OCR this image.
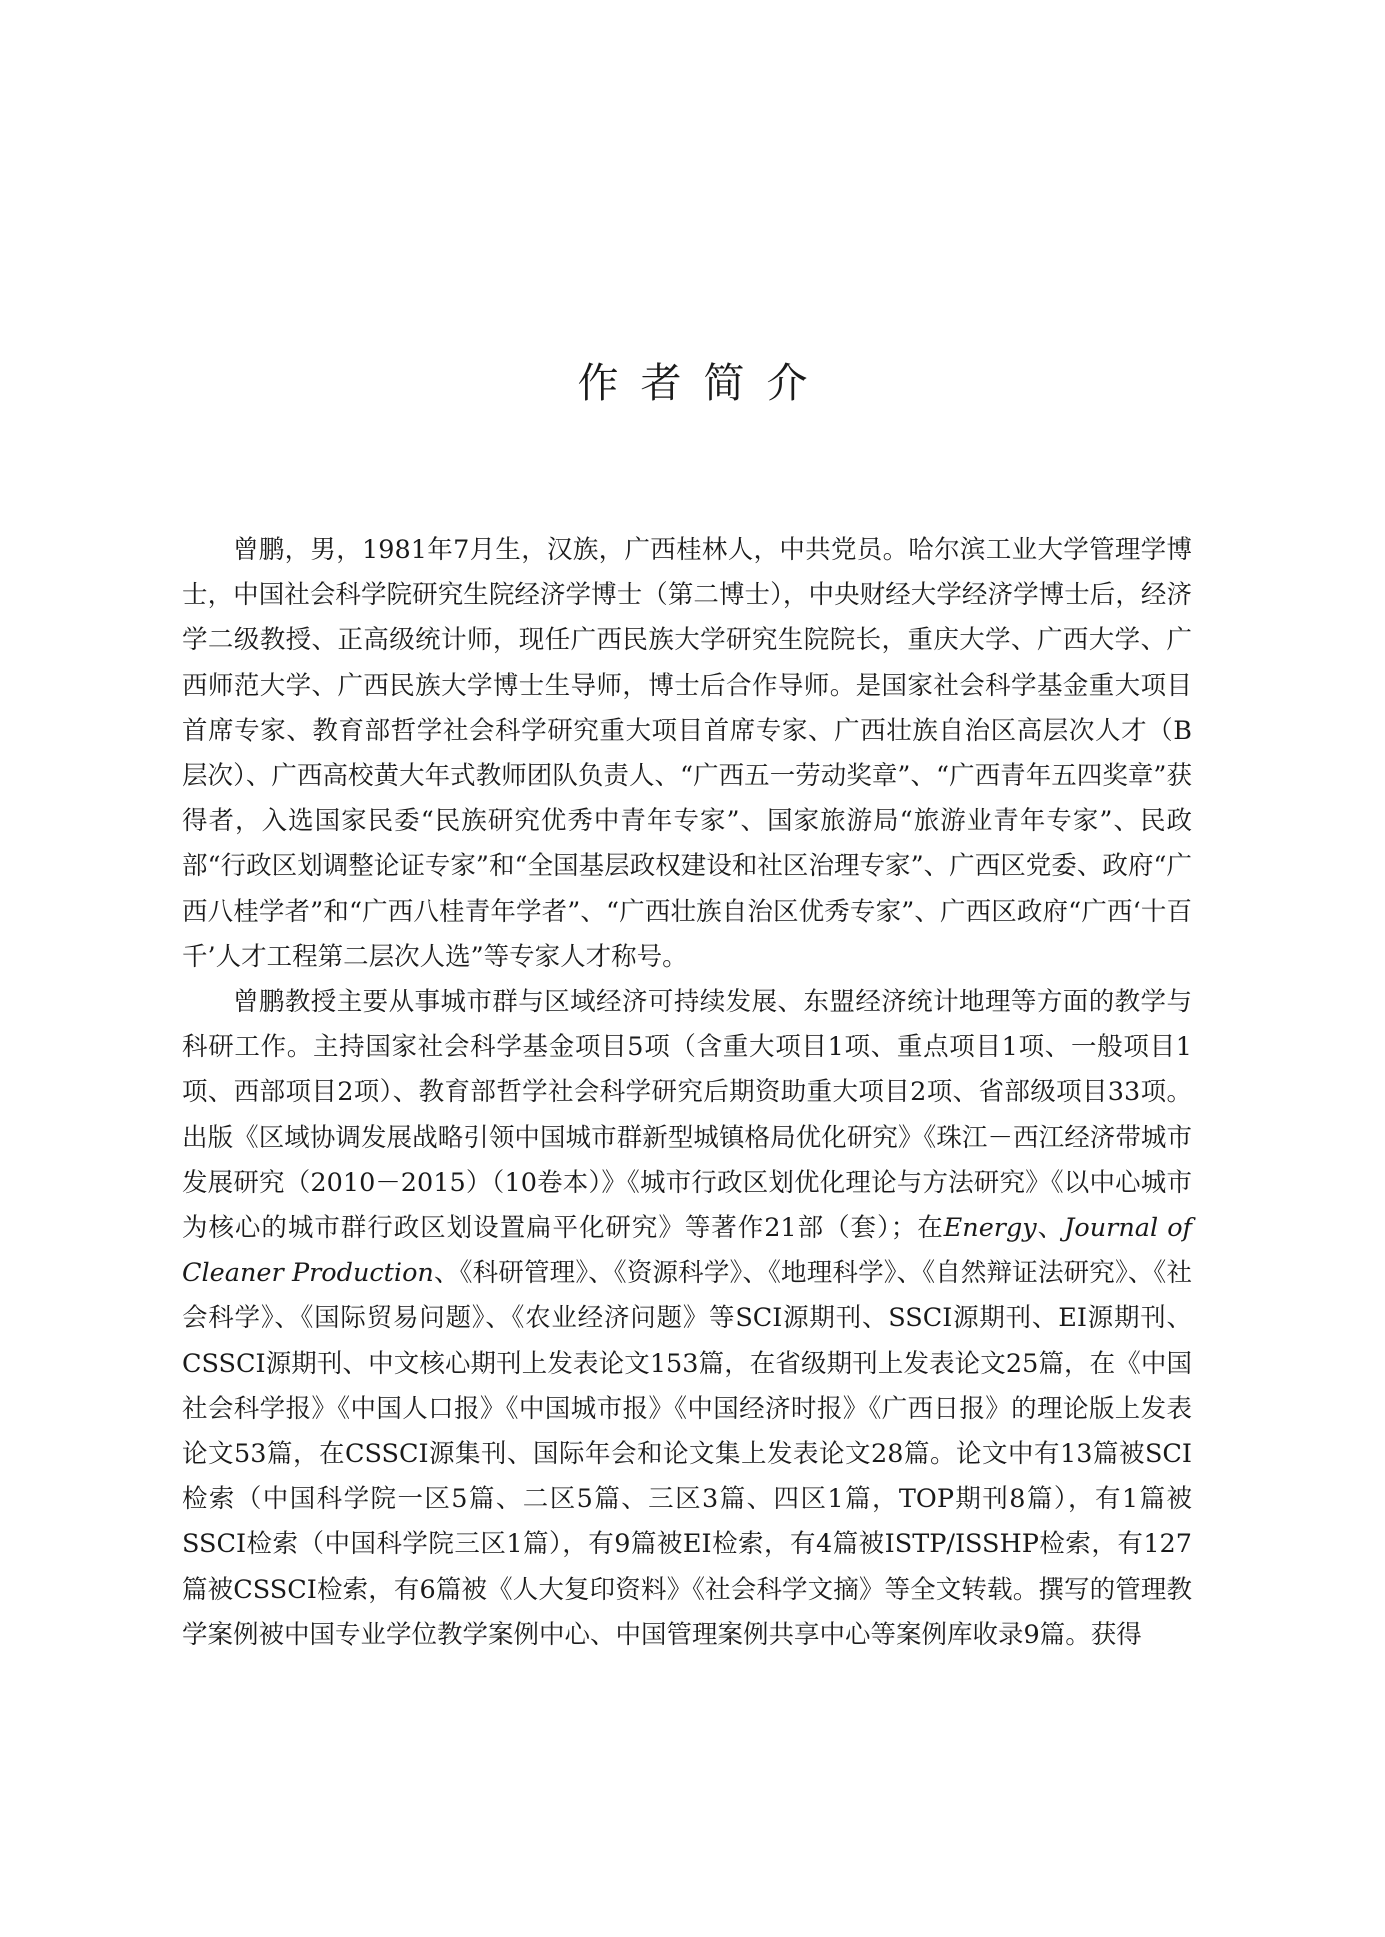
作者简介

曾鹏，男，1981年7月生，汉族，广西桂林人，中共党员。哈尔滨工业大学管理学博士，中国社会科学院研究生院经济学博士（第二博士），中央财经大学经济学博士后，经济学二级教授、正高级统计师，现任广西民族大学研究生院院长，重庆大学、广西大学、广西师范大学、广西民族大学博士生导师，博士后合作导师。是国家社会科学基金重大项目首席专家、教育部哲学社会科学研究重大项目首席专家、广西壮族自治区高层次人才（B层次）、广西高校黄大年式教师团队负责人、“广西五一劳动奖章”、“广西青年五四奖章”获得者，入选国家民委“民族研究优秀中青年专家”、国家旅游局“旅游业青年专家”、民政部“行政区划调整论证专家”和“全国基层政权建设和社区治理专家”、广西区党委、政府“广西八桂学者”和“广西八桂青年学者”、“广西壮族自治区优秀专家”、广西区政府“广西‘十百千’人才工程第二层次人选”等专家人才称号。

曾鹏教授主要从事城市群与区域经济可持续发展、东盟经济统计地理等方面的教学与科研工作。主持国家社会科学基金项目5项（含重大项目1项、重点项目1项、一般项目1项、西部项目2项）、教育部哲学社会科学研究后期资助重大项目2项、省部级项目33项。出版《区域协调发展战略引领中国城市群新型城镇格局优化研究》《珠江－西江经济带城市发展研究（2010－2015）（10卷本）》《城市行政区划优化理论与方法研究》《以中心城市为核心的城市群行政区划设置扁平化研究》等著作21部（套）；在Energy、Journal of Cleaner Production、《科研管理》、《资源科学》、《地理科学》、《自然辩证法研究》、《社会科学》、《国际贸易问题》、《农业经济问题》等SCI源期刊、SSCI源期刊、EI源期刊、CSSCI源期刊、中文核心期刊上发表论文153篇，在省级期刊上发表论文25篇，在《中国社会科学报》《中国人口报》《中国城市报》《中国经济时报》《广西日报》的理论版上发表论文53篇，在CSSCI源集刊、国际年会和论文集上发表论文28篇。论文中有13篇被SCI检索（中国科学院一区5篇、二区5篇、三区3篇、四区1篇，TOP期刊8篇），有1篇被SSCI检索（中国科学院三区1篇），有9篇被EI检索，有4篇被ISTP/ISSHP检索，有127篇被CSSCI检索，有6篇被《人大复印资料》《社会科学文摘》等全文转载。撰写的管理教学案例被中国专业学位教学案例中心、中国管理案例共享中心等案例库收录9篇。获得
